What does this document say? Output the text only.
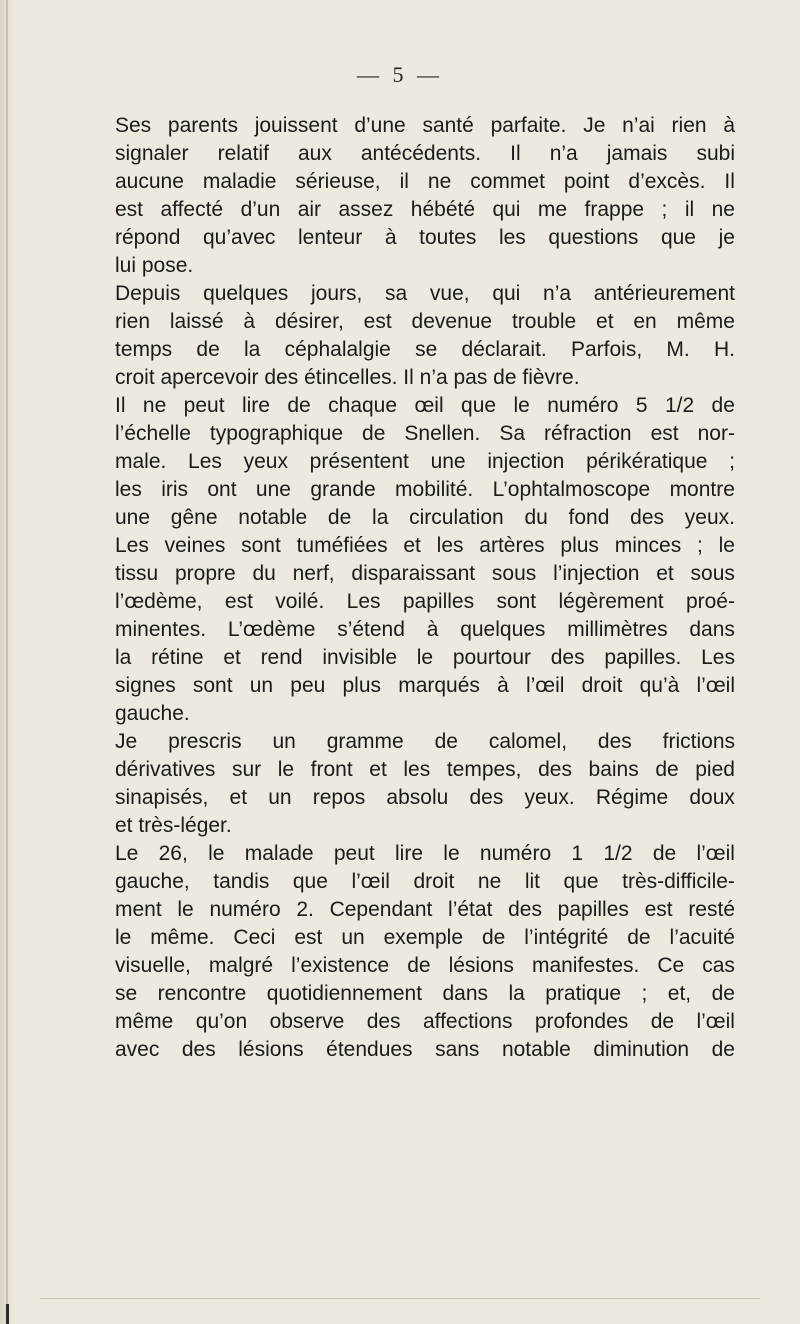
— 5 —
Ses parents jouissent d’une santé parfaite. Je n’ai rien à
signaler relatif aux antécédents. Il n’a jamais subi
aucune maladie sérieuse, il ne commet point d’excès. Il
est affecté d’un air assez hébété qui me frappe ; il ne
répond qu’avec lenteur à toutes les questions que je
lui pose.
Depuis quelques jours, sa vue, qui n’a antérieurement
rien laissé à désirer, est devenue trouble et en même
temps de la céphalalgie se déclarait. Parfois, M. H.
croit apercevoir des étincelles. Il n’a pas de fièvre.
Il ne peut lire de chaque œil que le numéro 5 1/2 de
l’échelle typographique de Snellen. Sa réfraction est nor-
male. Les yeux présentent une injection périkératique ;
les iris ont une grande mobilité. L’ophtalmoscope montre
une gêne notable de la circulation du fond des yeux.
Les veines sont tuméfiées et les artères plus minces ; le
tissu propre du nerf, disparaissant sous l’injection et sous
l’œdème, est voilé. Les papilles sont légèrement proé-
minentes. L’œdème s’étend à quelques millimètres dans
la rétine et rend invisible le pourtour des papilles. Les
signes sont un peu plus marqués à l’œil droit qu’à l’œil
gauche.
Je prescris un gramme de calomel, des frictions
dérivatives sur le front et les tempes, des bains de pied
sinapisés, et un repos absolu des yeux. Régime doux
et très-léger.
Le 26, le malade peut lire le numéro 1 1/2 de l’œil
gauche, tandis que l’œil droit ne lit que très-difficile-
ment le numéro 2. Cependant l’état des papilles est resté
le même. Ceci est un exemple de l’intégrité de l’acuité
visuelle, malgré l’existence de lésions manifestes. Ce cas
se rencontre quotidiennement dans la pratique ; et, de
même qu’on observe des affections profondes de l’œil
avec des lésions étendues sans notable diminution de
